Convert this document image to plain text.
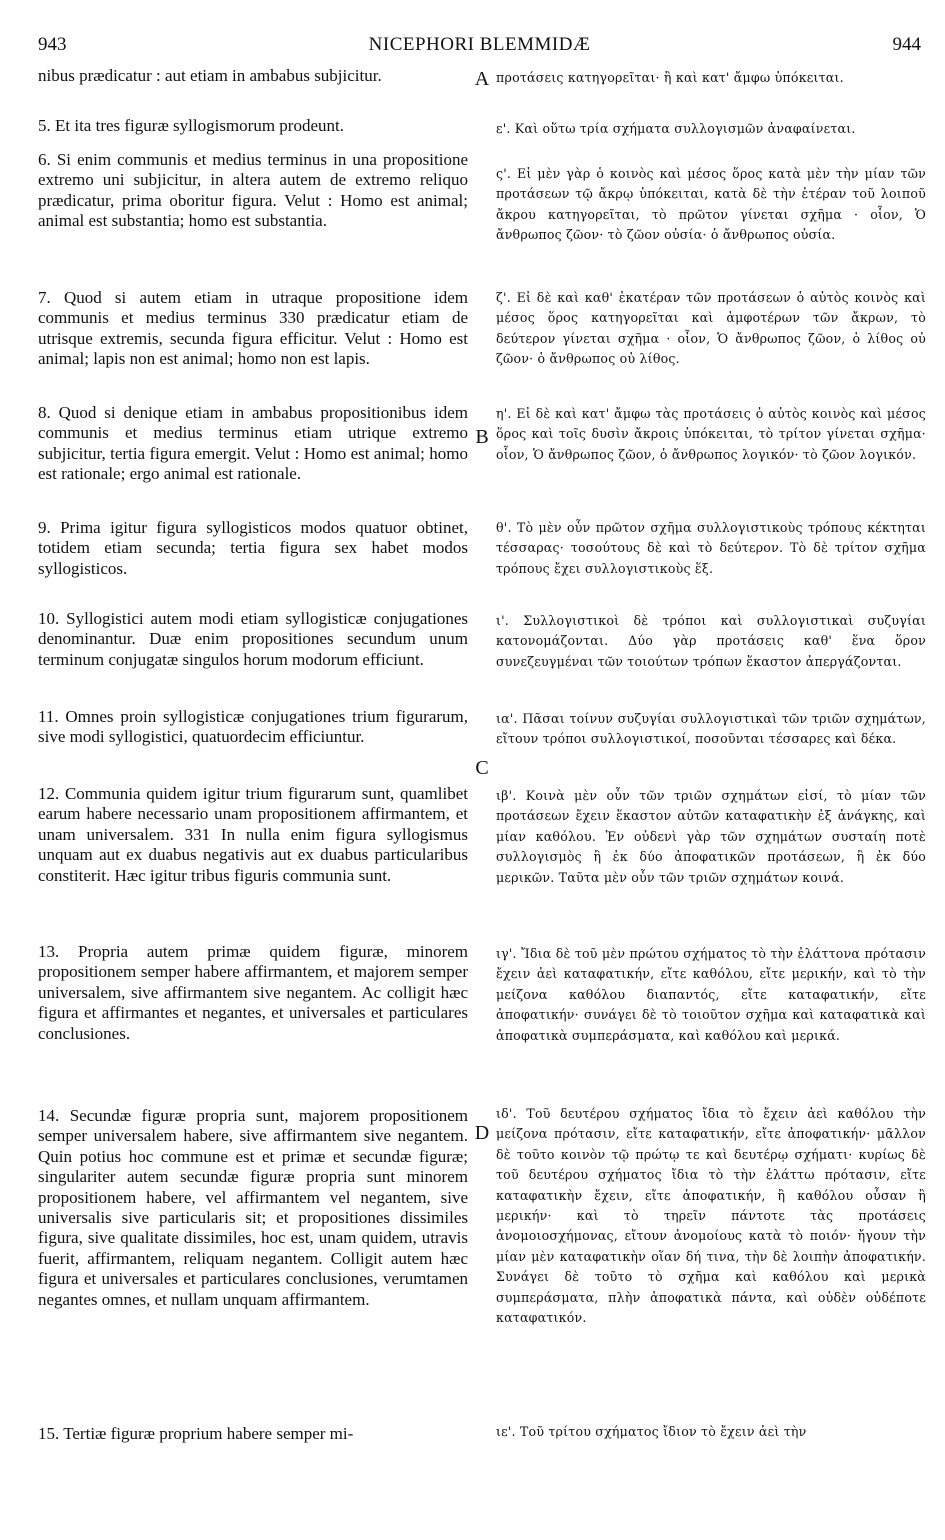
943	NICEPHORI BLEMMIDÆ	944
nibus prædicatur : aut etiam in ambabus subjicitur.
5. Et ita tres figuræ syllogismorum prodeunt.
6. Si enim communis et medius terminus in una propositione extremo uni subjicitur, in altera autem de extremo reliquo prædicatur, prima oboritur figura. Velut : Homo est animal; animal est substantia; homo est substantia.
7. Quod si autem etiam in utraque propositione idem communis et medius terminus 330 prædicatur etiam de utrisque extremis, secunda figura efficitur. Velut : Homo est animal; lapis non est animal; homo non est lapis.
8. Quod si denique etiam in ambabus propositionibus idem communis et medius terminus etiam utrique extremo subjicitur, tertia figura emergit. Velut : Homo est animal; homo est rationale; ergo animal est rationale.
9. Prima igitur figura syllogisticos modos quatuor obtinet, totidem etiam secunda; tertia figura sex habet modos syllogisticos.
10. Syllogistici autem modi etiam syllogisticæ conjugationes denominantur. Duæ enim propositiones secundum unum terminum conjugatæ singulos horum modorum efficiunt.
11. Omnes proin syllogisticæ conjugationes trium figurarum, sive modi syllogistici, quatuordecim efficiuntur.
12. Communia quidem igitur trium figurarum sunt, quamlibet earum habere necessario unam propositionem affirmantem, et unam universalem. 331 In nulla enim figura syllogismus unquam aut ex duabus negativis aut ex duabus particularibus constiterit. Hæc igitur tribus figuris communia sunt.
13. Propria autem primæ quidem figuræ, minorem propositionem semper habere affirmantem, et majorem semper universalem, sive affirmantem sive negantem. Ac colligit hæc figura et affirmantes et negantes, et universales et particulares conclusiones.
14. Secundæ figuræ propria sunt, majorem propositionem semper universalem habere, sive affirmantem sive negantem. Quin potius hoc commune est et primæ et secundæ figuræ; singulariter autem secundæ figuræ propria sunt minorem propositionem habere, vel affirmantem vel negantem, sive universalis sive particularis sit; et propositiones dissimiles figura, sive qualitate dissimiles, hoc est, unam quidem, utravis fuerit, affirmantem, reliquam negantem. Colligit autem hæc figura et universales et particulares conclusiones, verumtamen negantes omnes, et nullam unquam affirmantem.
15. Tertiæ figuræ proprium habere semper mi-
A
B
C
D
προτάσεις κατηγορεῖται· ἢ καὶ κατ' ἄμφω ὑπόκειται.
ε'. Καὶ οὕτω τρία σχήματα συλλογισμῶν ἀναφαίνεται.
ς'. Εἰ μὲν γὰρ ὁ κοινὸς καὶ μέσος ὅρος κατὰ μὲν τὴν μίαν τῶν προτάσεων τῷ ἄκρῳ ὑπόκειται, κατὰ δὲ τὴν ἑτέραν τοῦ λοιποῦ ἄκρου κατηγορεῖται, τὸ πρῶτον γίνεται σχῆμα · οἷον, Ὁ ἄνθρωπος ζῶον· τὸ ζῶον οὐσία· ὁ ἄνθρωπος οὐσία.
ζ'. Εἰ δὲ καὶ καθ' ἑκατέραν τῶν προτάσεων ὁ αὐτὸς κοινὸς καὶ μέσος ὅρος κατηγορεῖται καὶ ἀμφοτέρων τῶν ἄκρων, τὸ δεύτερον γίνεται σχῆμα · οἷον, Ὁ ἄνθρωπος ζῶον, ὁ λίθος οὐ ζῶον· ὁ ἄνθρωπος οὐ λίθος.
η'. Εἰ δὲ καὶ κατ' ἄμφω τὰς προτάσεις ὁ αὐτὸς κοινὸς καὶ μέσος ὅρος καὶ τοῖς δυσὶν ἄκροις ὑπόκειται, τὸ τρίτον γίνεται σχῆμα· οἷον, Ὁ ἄνθρωπος ζῶον, ὁ ἄνθρωπος λογικόν· τὸ ζῶον λογικόν.
θ'. Τὸ μὲν οὖν πρῶτον σχῆμα συλλογιστικοὺς τρόπους κέκτηται τέσσαρας· τοσούτους δὲ καὶ τὸ δεύτερον. Τὸ δὲ τρίτον σχῆμα τρόπους ἔχει συλλογιστικοὺς ἕξ.
ι'. Συλλογιστικοὶ δὲ τρόποι καὶ συλλογιστικαὶ συζυγίαι κατονομάζονται. Δύο γὰρ προτάσεις καθ' ἕνα ὅρον συνεζευγμέναι τῶν τοιούτων τρόπων ἕκαστον ἀπεργάζονται.
ια'. Πᾶσαι τοίνυν συζυγίαι συλλογιστικαὶ τῶν τριῶν σχημάτων, εἴτουν τρόποι συλλογιστικοί, ποσοῦνται τέσσαρες καὶ δέκα.
ιβ'. Κοινὰ μὲν οὖν τῶν τριῶν σχημάτων εἰσί, τὸ μίαν τῶν προτάσεων ἔχειν ἕκαστον αὐτῶν καταφατικὴν ἐξ ἀνάγκης, καὶ μίαν καθόλου. Ἐν οὐδενὶ γὰρ τῶν σχημάτων συσταίη ποτὲ συλλογισμὸς ἢ ἐκ δύο ἀποφατικῶν προτάσεων, ἢ ἐκ δύο μερικῶν. Ταῦτα μὲν οὖν τῶν τριῶν σχημάτων κοινά.
ιγ'. Ἴδια δὲ τοῦ μὲν πρώτου σχήματος τὸ τὴν ἐλάττονα πρότασιν ἔχειν ἀεὶ καταφατικήν, εἴτε καθόλου, εἴτε μερικήν, καὶ τὸ τὴν μείζονα καθόλου διαπαντός, εἴτε καταφατικήν, εἴτε ἀποφατικήν· συνάγει δὲ τὸ τοιοῦτον σχῆμα καὶ καταφατικὰ καὶ ἀποφατικὰ συμπεράσματα, καὶ καθόλου καὶ μερικά.
ιδ'. Τοῦ δευτέρου σχήματος ἴδια τὸ ἔχειν ἀεὶ καθόλου τὴν μείζονα πρότασιν, εἴτε καταφατικήν, εἴτε ἀποφατικήν· μᾶλλον δὲ τοῦτο κοινὸν τῷ πρώτῳ τε καὶ δευτέρῳ σχήματι· κυρίως δὲ τοῦ δευτέρου σχήματος ἴδια τὸ τὴν ἐλάττω πρότασιν, εἴτε καταφατικὴν ἔχειν, εἴτε ἀποφατικήν, ἢ καθόλου οὖσαν ἢ μερικήν· καὶ τὸ τηρεῖν πάντοτε τὰς προτάσεις ἀνομοιοσχήμονας, εἴτουν ἀνομοίους κατὰ τὸ ποιόν· ἤγουν τὴν μίαν μὲν καταφατικὴν οἵαν δή τινα, τὴν δὲ λοιπὴν ἀποφατικήν. Συνάγει δὲ τοῦτο τὸ σχῆμα καὶ καθόλου καὶ μερικὰ συμπεράσματα, πλὴν ἀποφατικὰ πάντα, καὶ οὐδὲν οὐδέποτε καταφατικόν.
ιε'. Τοῦ τρίτου σχήματος ἴδιον τὸ ἔχειν ἀεὶ τὴν
